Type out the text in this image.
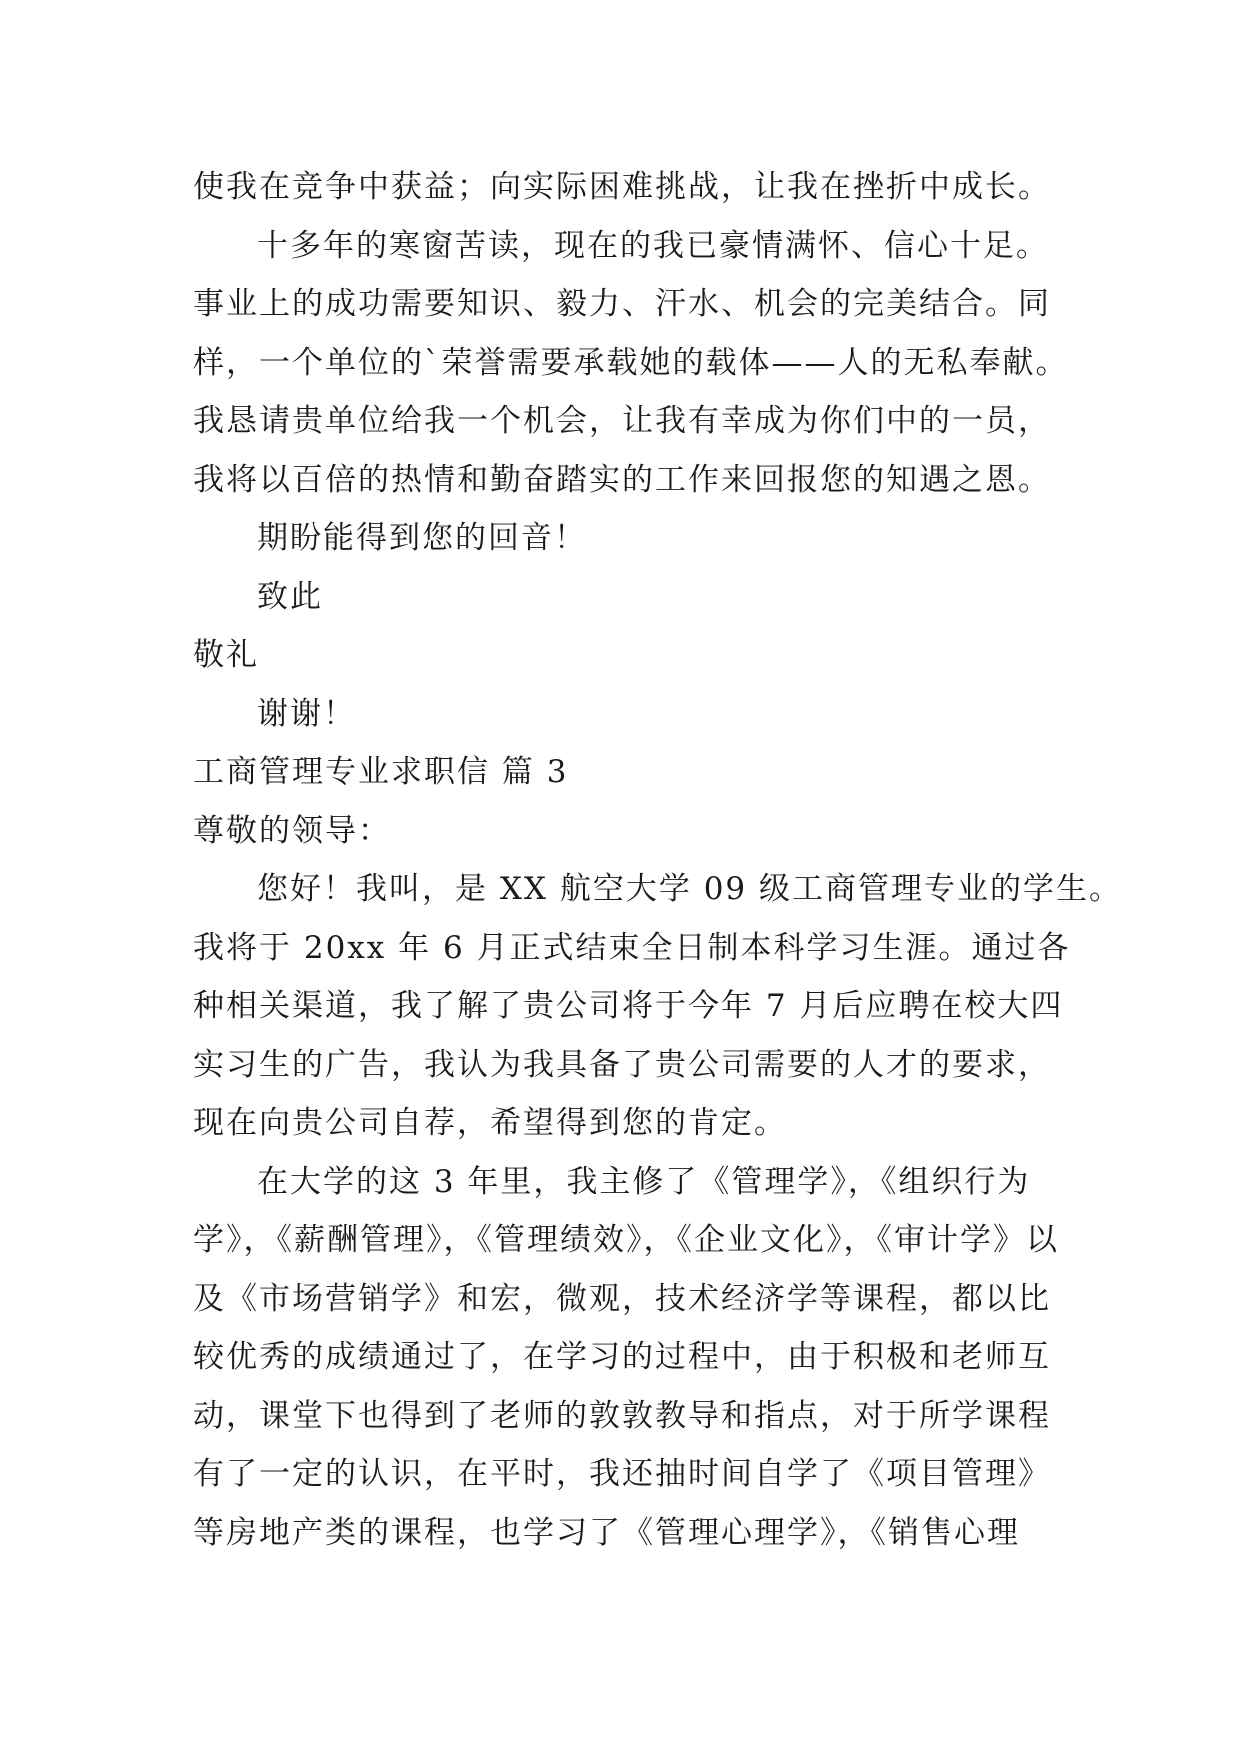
使我在竞争中获益；向实际困难挑战，让我在挫折中成长。
十多年的寒窗苦读，现在的我已豪情满怀、信心十足。
事业上的成功需要知识、毅力、汗水、机会的完美结合。同
样，一个单位的`荣誉需要承载她的载体——人的无私奉献。
我恳请贵单位给我一个机会，让我有幸成为你们中的一员，
我将以百倍的热情和勤奋踏实的工作来回报您的知遇之恩。
期盼能得到您的回音！
致此
敬礼
谢谢！
工商管理专业求职信 篇 3
尊敬的领导：
您好！我叫，是 XX 航空大学 09 级工商管理专业的学生。
我将于 20xx 年 6 月正式结束全日制本科学习生涯。通过各
种相关渠道，我了解了贵公司将于今年 7 月后应聘在校大四
实习生的广告，我认为我具备了贵公司需要的人才的要求，
现在向贵公司自荐，希望得到您的肯定。
在大学的这 3 年里，我主修了《管理学》，《组织行为
学》，《薪酬管理》，《管理绩效》，《企业文化》，《审计学》以
及《市场营销学》和宏，微观，技术经济学等课程，都以比
较优秀的成绩通过了，在学习的过程中，由于积极和老师互
动，课堂下也得到了老师的敦敦教导和指点，对于所学课程
有了一定的认识，在平时，我还抽时间自学了《项目管理》
等房地产类的课程，也学习了《管理心理学》，《销售心理
